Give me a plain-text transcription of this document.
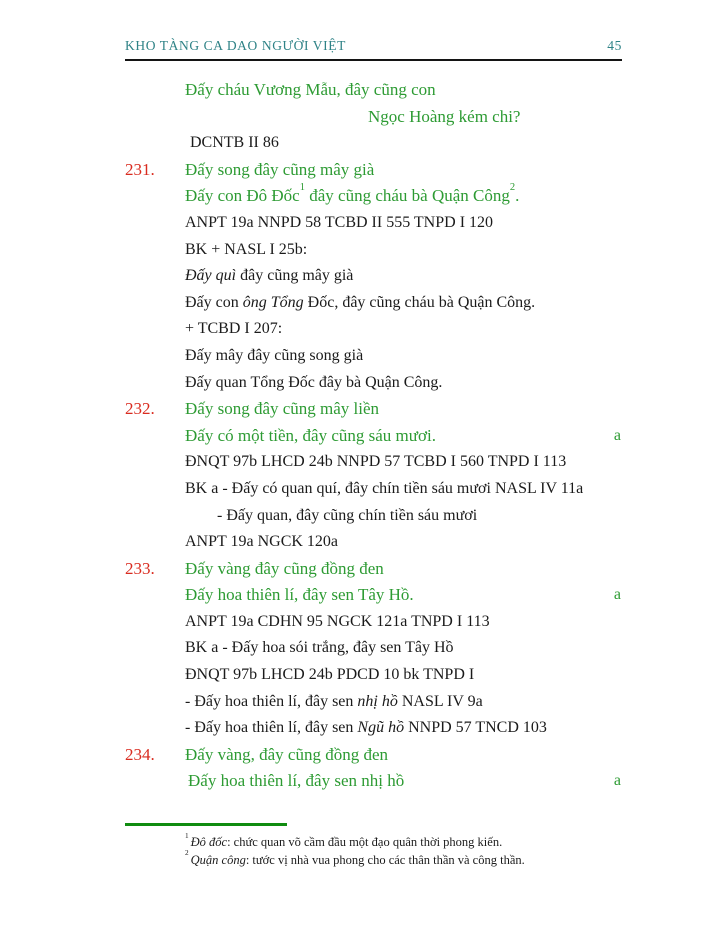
KHO TÀNG CA DAO NGƯỜI VIỆT	45
Đấy cháu Vương Mẫu, đây cũng con
Ngọc Hoàng kém chi?
DCNTB II 86
231. Đấy song đây cũng mây già
Đấy con Đô Đốc$^1$ đây cũng cháu bà Quận Công$^2$.
ANPT 19a NNPD 58 TCBD II 555 TNPD I 120
BK + NASL I 25b:
Đấy quì đây cũng mây già
Đấy con ông Tổng Đốc, đây cũng cháu bà Quận Công.
+ TCBD I 207:
Đấy mây đây cũng song già
Đấy quan Tổng Đốc đây bà Quận Công.
232. Đấy song đây cũng mây liền
Đấy có một tiền, đây cũng sáu mươi.	a
ĐNQT 97b LHCD 24b NNPD 57 TCBD I 560 TNPD I 113
BK a - Đấy có quan quí, đây chín tiền sáu mươi NASL IV 11a
- Đấy quan, đây cũng chín tiền sáu mươi
ANPT 19a NGCK 120a
233. Đấy vàng đây cũng đồng đen
Đấy hoa thiên lí, đây sen Tây Hồ.	a
ANPT 19a CDHN 95 NGCK 121a TNPD I 113
BK a - Đấy hoa sói trắng, đây sen Tây Hồ
ĐNQT 97b LHCD 24b PDCD 10 bk TNPD I
- Đấy hoa thiên lí, đây sen nhị hồ NASL IV 9a
- Đấy hoa thiên lí, đây sen Ngũ hồ NNPD 57 TNCD 103
234. Đấy vàng, đây cũng đồng đen
Đấy hoa thiên lí, đây sen nhị hồ	a
$^1$ Đô đốc: chức quan võ cầm đầu một đạo quân thời phong kiến.
$^2$ Quận công: tước vị nhà vua phong cho các thân thần và công thần.
